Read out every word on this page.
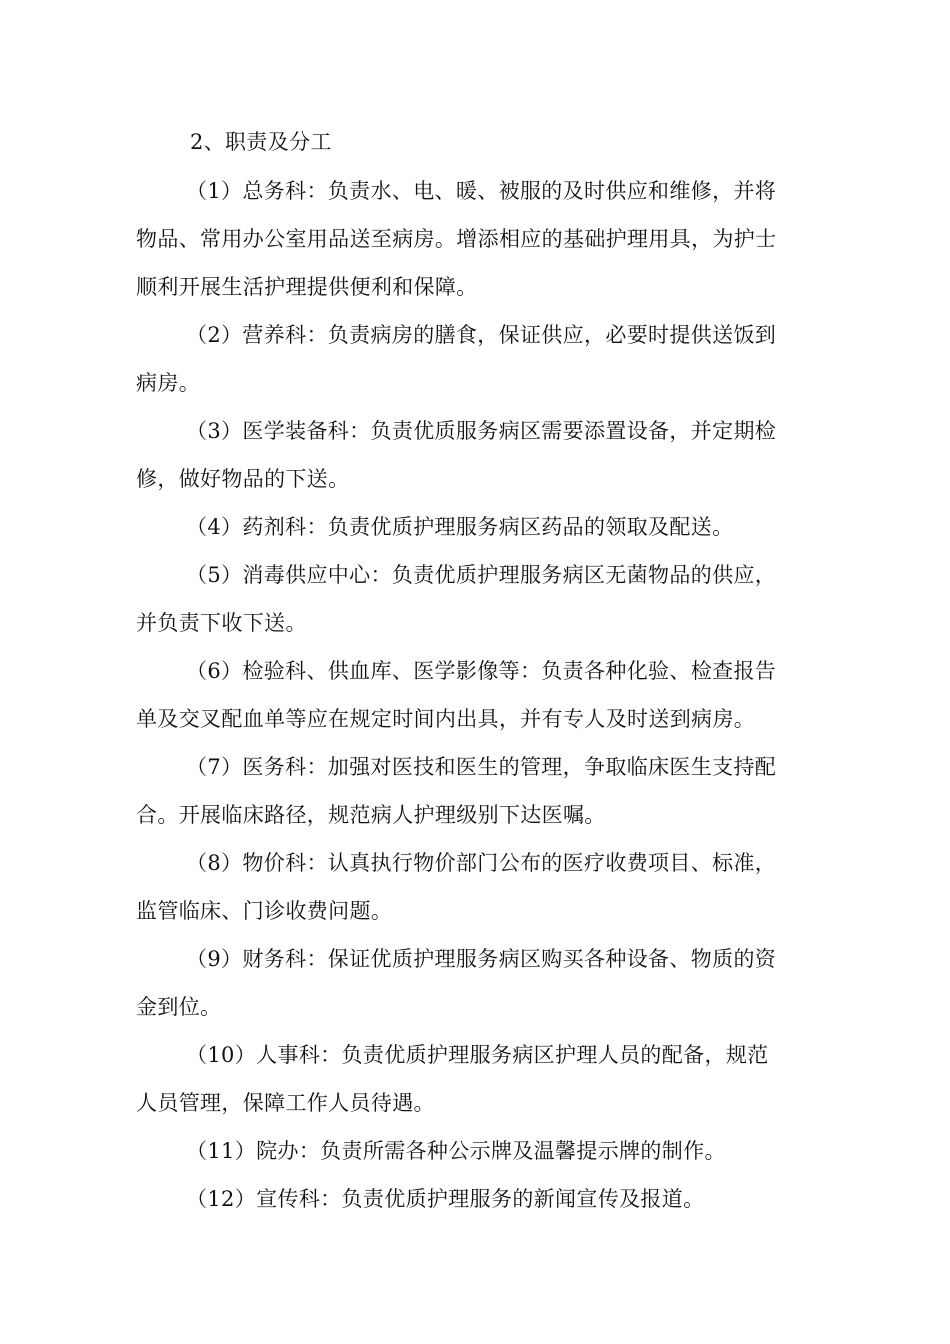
2、职责及分工
（1）总务科：负责水、电、暖、被服的及时供应和维修，并将
物品、常用办公室用品送至病房。增添相应的基础护理用具，为护士
顺利开展生活护理提供便利和保障。
（2）营养科：负责病房的膳食，保证供应，必要时提供送饭到
病房。
（3）医学装备科：负责优质服务病区需要添置设备，并定期检
修，做好物品的下送。
（4）药剂科：负责优质护理服务病区药品的领取及配送。
（5）消毒供应中心：负责优质护理服务病区无菌物品的供应，
并负责下收下送。
（6）检验科、供血库、医学影像等：负责各种化验、检查报告
单及交叉配血单等应在规定时间内出具，并有专人及时送到病房。
（7）医务科：加强对医技和医生的管理，争取临床医生支持配
合。开展临床路径，规范病人护理级别下达医嘱。
（8）物价科：认真执行物价部门公布的医疗收费项目、标准，
监管临床、门诊收费问题。
（9）财务科：保证优质护理服务病区购买各种设备、物质的资
金到位。
（10）人事科：负责优质护理服务病区护理人员的配备，规范
人员管理，保障工作人员待遇。
（11）院办：负责所需各种公示牌及温馨提示牌的制作。
（12）宣传科：负责优质护理服务的新闻宣传及报道。
